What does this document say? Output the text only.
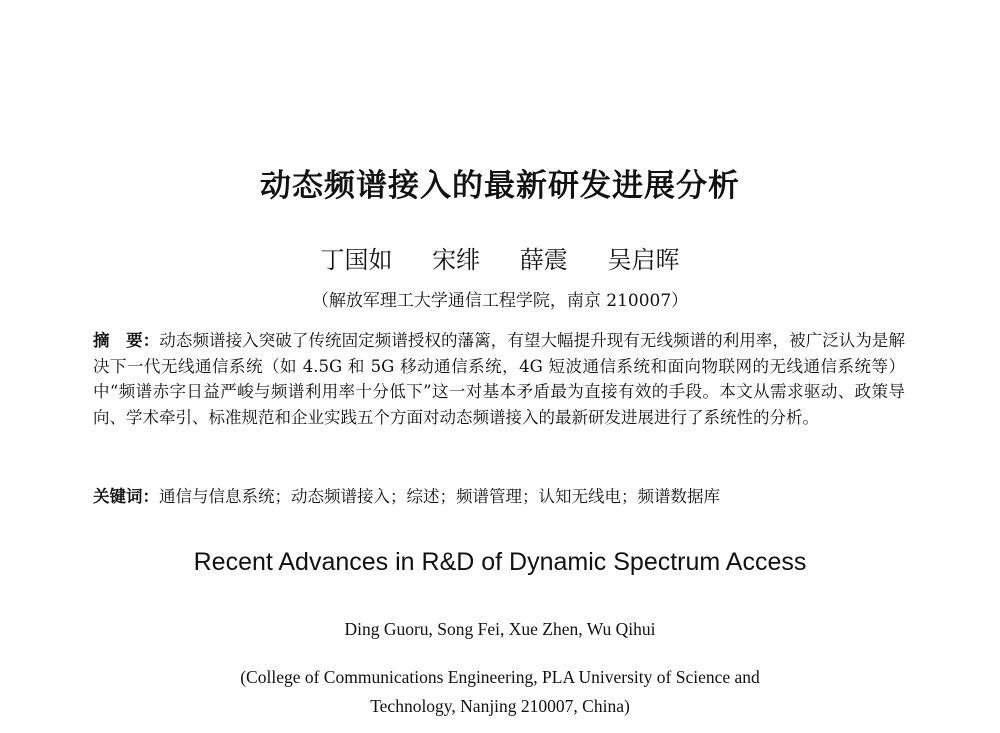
动态频谱接入的最新研发进展分析
丁国如 宋绯 薛震 吴启晖
（解放军理工大学通信工程学院，南京 210007）
摘　要：动态频谱接入突破了传统固定频谱授权的藩篱，有望大幅提升现有无线频谱的利用率，被广泛认为是解决下一代无线通信系统（如 4.5G 和 5G 移动通信系统，4G 短波通信系统和面向物联网的无线通信系统等）中“频谱赤字日益严峻与频谱利用率十分低下”这一对基本矛盾最为直接有效的手段。本文从需求驱动、政策导向、学术牵引、标准规范和企业实践五个方面对动态频谱接入的最新研发进展进行了系统性的分析。
关键词：通信与信息系统；动态频谱接入；综述；频谱管理；认知无线电；频谱数据库
Recent Advances in R&D of Dynamic Spectrum Access
Ding Guoru, Song Fei, Xue Zhen, Wu Qihui
(College of Communications Engineering, PLA University of Science and
Technology, Nanjing 210007, China)
